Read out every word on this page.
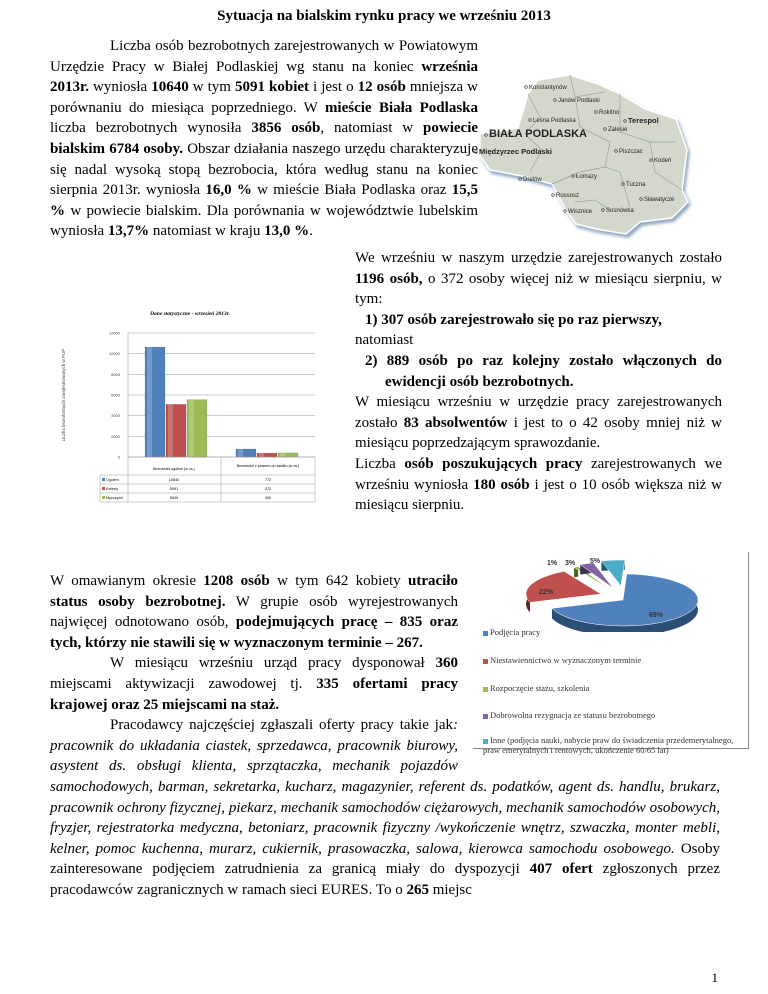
Sytuacja na bialskim rynku pracy we wrześniu 2013

Liczba osób bezrobotnych zarejestrowanych w Powiatowym Urzędzie Pracy w Białej Podlaskiej wg stanu na koniec września 2013r. wyniosła 10640 w tym 5091 kobiet i jest o 12 osób mniejsza w porównaniu do miesiąca poprzedniego. W mieście Biała Podlaska liczba bezrobotnych wynosiła 3856 osób, natomiast w powiecie bialskim 6784 osoby. Obszar działania naszego urzędu charakteryzuje się nadal wysoką stopą bezrobocia, która według stanu na koniec sierpnia 2013r. wyniosła 16,0 % w mieście Biała Podlaska oraz 15,5 % w powiecie bialskim. Dla porównania w województwie lubelskim wyniosła 13,7% natomiast w kraju 13,0 %.

We wrześniu w naszym urzędzie zarejestrowanych zostało 1196 osób, o 372 osoby więcej niż w miesiącu sierpniu, w tym:

1) 307 osób zarejestrowało się po raz pierwszy,

natomiast

2) 889 osób po raz kolejny zostało włączonych do ewidencji osób bezrobotnych.

W miesiącu wrześniu w urzędzie pracy zarejestrowanych zostało 83 absolwentów i jest to o 42 osoby mniej niż w miesiącu poprzedzającym sprawozdanie.

Liczba osób poszukujących pracy zarejestrowanych we wrześniu wyniosła 180 osób i jest o 10 osób większa niż w miesiącu sierpniu.

W omawianym okresie 1208 osób w tym 642 kobiety utraciło status osoby bezrobotnej. W grupie osób wyrejestrowanych najwięcej odnotowano osób, podejmujących pracę – 835 oraz tych, którzy nie stawili się w wyznaczonym terminie – 267.

W miesiącu wrześniu urząd pracy dysponował 360 miejscami aktywizacji zawodowej tj. 335 ofertami pracy krajowej oraz 25 miejscami na staż.

Pracodawcy najczęściej zgłaszali oferty pracy takie jak: pracownik do układania ciastek, sprzedawca, pracownik biurowy, asystent ds. obsługi klienta, sprzątaczka, mechanik pojazdów samochodowych, barman, sekretarka, kucharz, magazynier, referent ds. podatków, agent ds. handlu, brukarz, pracownik ochrony fizycznej, piekarz, mechanik samochodów ciężarowych, mechanik samochodów osobowych, fryzjer, rejestratorka medyczna, betoniarz, pracownik fizyczny /wykończenie wnętrz, szwaczka, monter mebli, kelner, pomoc kuchenna, murarz, cukiernik, prasowaczka, salowa, kierowca samochodu osobowego. Osoby zainteresowane podjęciem zatrudnienia za granicą miały do dyspozycji 407 ofert zgłoszonych przez pracodawców zagranicznych w ramach sieci EURES. To o 265 miejsc

Konstantynów
Janów Podlaski
Rokitno
Leśna Podlaska	Terespol
BIAŁA PODLASKA	Zalesie
Międzyrzec Podlaski	Piszczac
Kodeń
Drelów	Łomazy
Tuczna
Rossosz
Sławatycze
Wisznice Sosnówka
Dane statystyczne - wrzesień 2013r.
Liczba bezrobotnych zarejestrowanych w PUP
0
2000
4000
6000
8000
10000
12000
Bezrobotni ogółem (w os.)
Bezrobotni z prawem do zasiłku (w os.)
Ogółem	10640	772
Kobiety	5091	372
Mężczyźni	5549	400
69%
22%
1% 3% 5%
Podjęcia pracy
Niestawiennictwo w wyznaczonym terminie
Rozpoczęcie stażu, szkolenia
Dobrowolna rezygnacja ze statusu bezrobotnego
Inne (podjęcia nauki, nabycie praw do świadczenia przedemerytalnego, praw emerytalnych i rentowych, ukończenie 60/65 lat)
1
